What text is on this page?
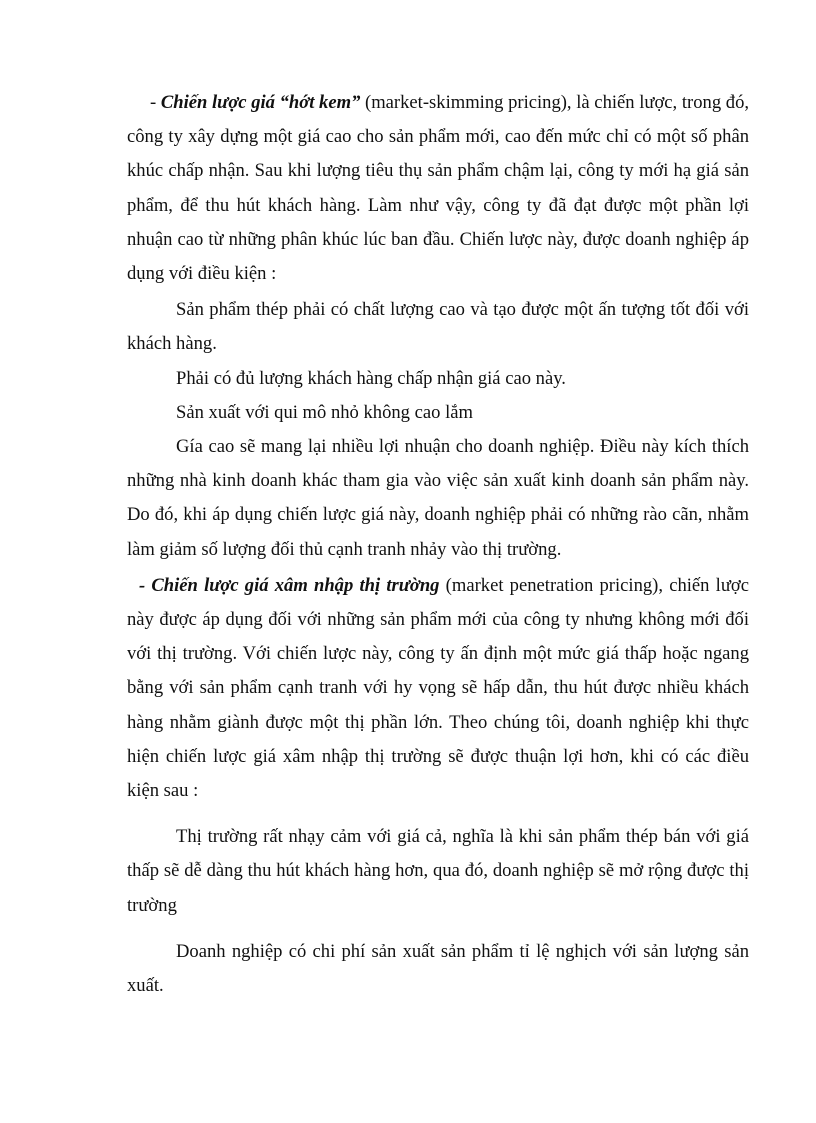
- Chiến lược giá “hớt kem” (market-skimming pricing), là chiến lược, trong đó, công ty xây dựng một giá cao cho sản phẩm mới, cao đến mức chỉ có một số phân khúc chấp nhận. Sau khi lượng tiêu thụ sản phẩm chậm lại, công ty mới hạ giá sản phẩm, để thu hút khách hàng. Làm như vậy, công ty đã đạt được một phần lợi nhuận cao từ những phân khúc lúc ban đầu. Chiến lược này, được doanh nghiệp áp dụng với điều kiện :

Sản phẩm thép phải có chất lượng cao và tạo được một ấn tượng tốt đối với khách hàng.

Phải có đủ lượng khách hàng chấp nhận giá cao này.

Sản xuất với qui mô nhỏ không cao lắm

Gía cao sẽ mang lại nhiều lợi nhuận cho doanh nghiệp. Điều này kích thích những nhà kinh doanh khác tham gia vào việc sản xuất kinh doanh sản phẩm này. Do đó, khi áp dụng chiến lược giá này, doanh nghiệp phải có những rào cãn, nhằm làm giảm số lượng đối thủ cạnh tranh nhảy vào thị trường.

- Chiến lược giá xâm nhập thị trường (market penetration pricing), chiến lược này được áp dụng đối với những sản phẩm mới của công ty nhưng không mới đối với thị trường. Với chiến lược này, công ty ấn định một mức giá thấp hoặc ngang bằng với sản phẩm cạnh tranh với hy vọng sẽ hấp dẫn, thu hút được nhiều khách hàng nhằm giành được một thị phần lớn. Theo chúng tôi, doanh nghiệp khi thực hiện chiến lược giá xâm nhập thị trường sẽ được thuận lợi hơn, khi có các điều kiện sau :

Thị trường rất nhạy cảm với giá cả, nghĩa là khi sản phẩm thép bán với giá thấp sẽ dễ dàng thu hút khách hàng hơn, qua đó, doanh nghiệp sẽ mở rộng được thị trường

Doanh nghiệp có chi phí sản xuất sản phẩm tỉ lệ nghịch với sản lượng sản xuất.
